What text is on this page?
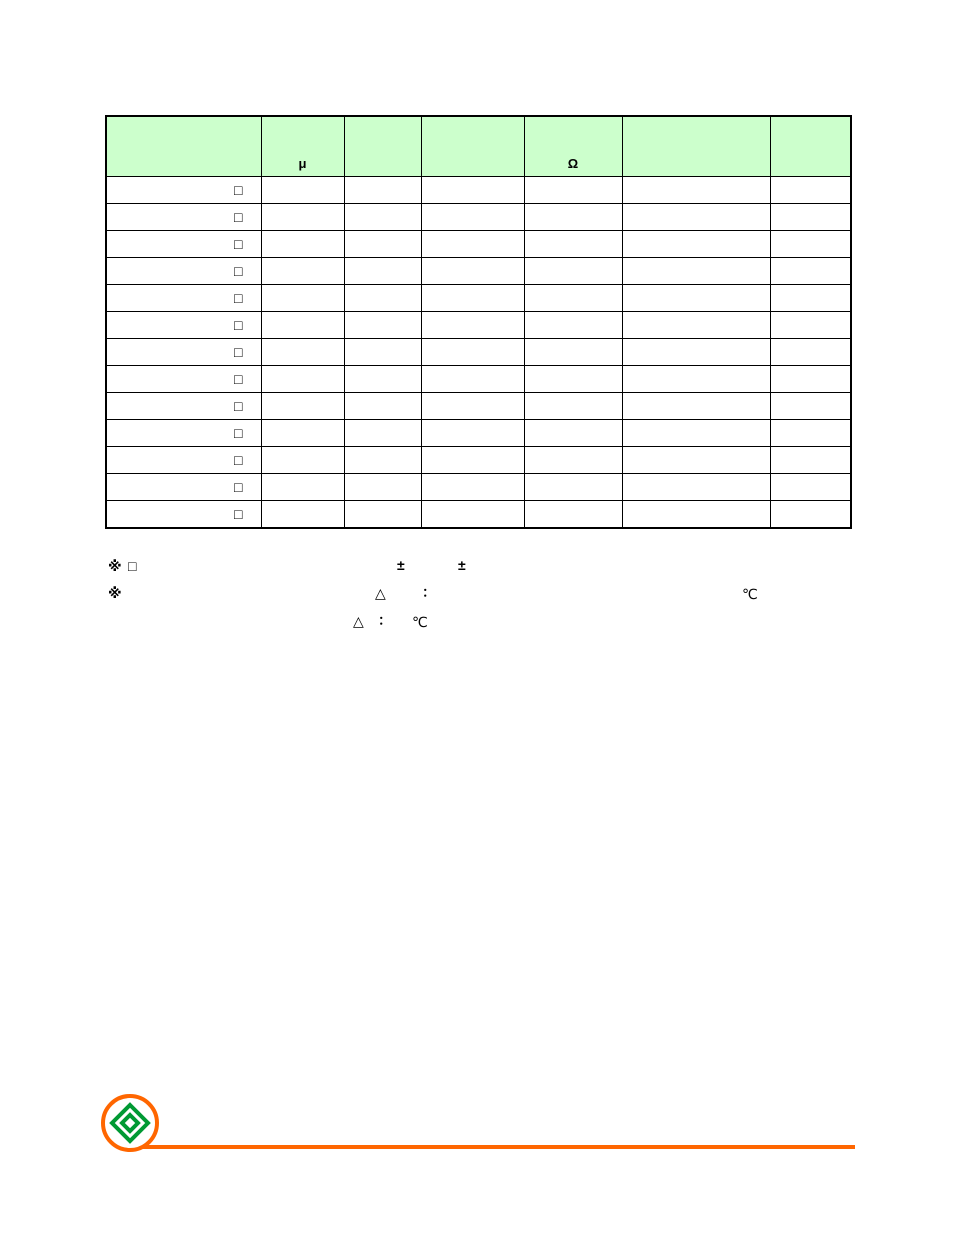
	μ			Ω		
□						
□						
□						
□						
□						
□						
□						
□						
□						
□						
□						
□						
□						
※ □	±	±
※	△	：	℃
△ ： ℃
